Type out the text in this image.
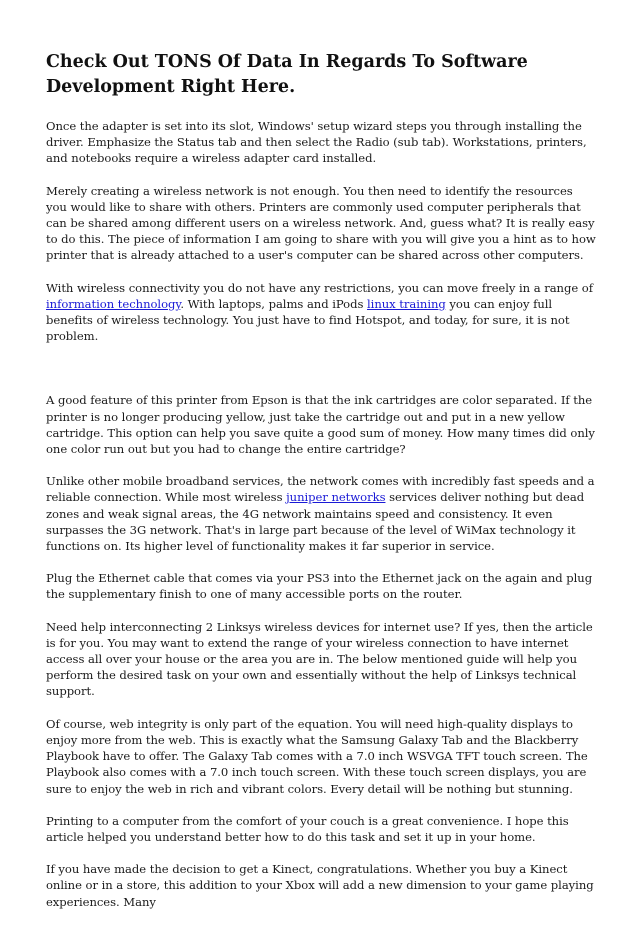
Check Out TONS Of Data In Regards To Software Development Right Here.

Once the adapter is set into its slot, Windows' setup wizard steps you through installing the driver. Emphasize the Status tab and then select the Radio (sub tab). Workstations, printers, and notebooks require a wireless adapter card installed.

Merely creating a wireless network is not enough. You then need to identify the resources you would like to share with others. Printers are commonly used computer peripherals that can be shared among different users on a wireless network. And, guess what? It is really easy to do this. The piece of information I am going to share with you will give you a hint as to how printer that is already attached to a user's computer can be shared across other computers.

With wireless connectivity you do not have any restrictions, you can move freely in a range of information technology. With laptops, palms and iPods linux training you can enjoy full benefits of wireless technology. You just have to find Hotspot, and today, for sure, it is not problem.

A good feature of this printer from Epson is that the ink cartridges are color separated. If the printer is no longer producing yellow, just take the cartridge out and put in a new yellow cartridge. This option can help you save quite a good sum of money. How many times did only one color run out but you had to change the entire cartridge?

Unlike other mobile broadband services, the network comes with incredibly fast speeds and a reliable connection. While most wireless juniper networks services deliver nothing but dead zones and weak signal areas, the 4G network maintains speed and consistency. It even surpasses the 3G network. That's in large part because of the level of WiMax technology it functions on. Its higher level of functionality makes it far superior in service.

Plug the Ethernet cable that comes via your PS3 into the Ethernet jack on the again and plug the supplementary finish to one of many accessible ports on the router.

Need help interconnecting 2 Linksys wireless devices for internet use? If yes, then the article is for you. You may want to extend the range of your wireless connection to have internet access all over your house or the area you are in. The below mentioned guide will help you perform the desired task on your own and essentially without the help of Linksys technical support.

Of course, web integrity is only part of the equation. You will need high-quality displays to enjoy more from the web. This is exactly what the Samsung Galaxy Tab and the Blackberry Playbook have to offer. The Galaxy Tab comes with a 7.0 inch WSVGA TFT touch screen. The Playbook also comes with a 7.0 inch touch screen. With these touch screen displays, you are sure to enjoy the web in rich and vibrant colors. Every detail will be nothing but stunning.

Printing to a computer from the comfort of your couch is a great convenience. I hope this article helped you understand better how to do this task and set it up in your home.

If you have made the decision to get a Kinect, congratulations. Whether you buy a Kinect online or in a store, this addition to your Xbox will add a new dimension to your game playing experiences. Many
